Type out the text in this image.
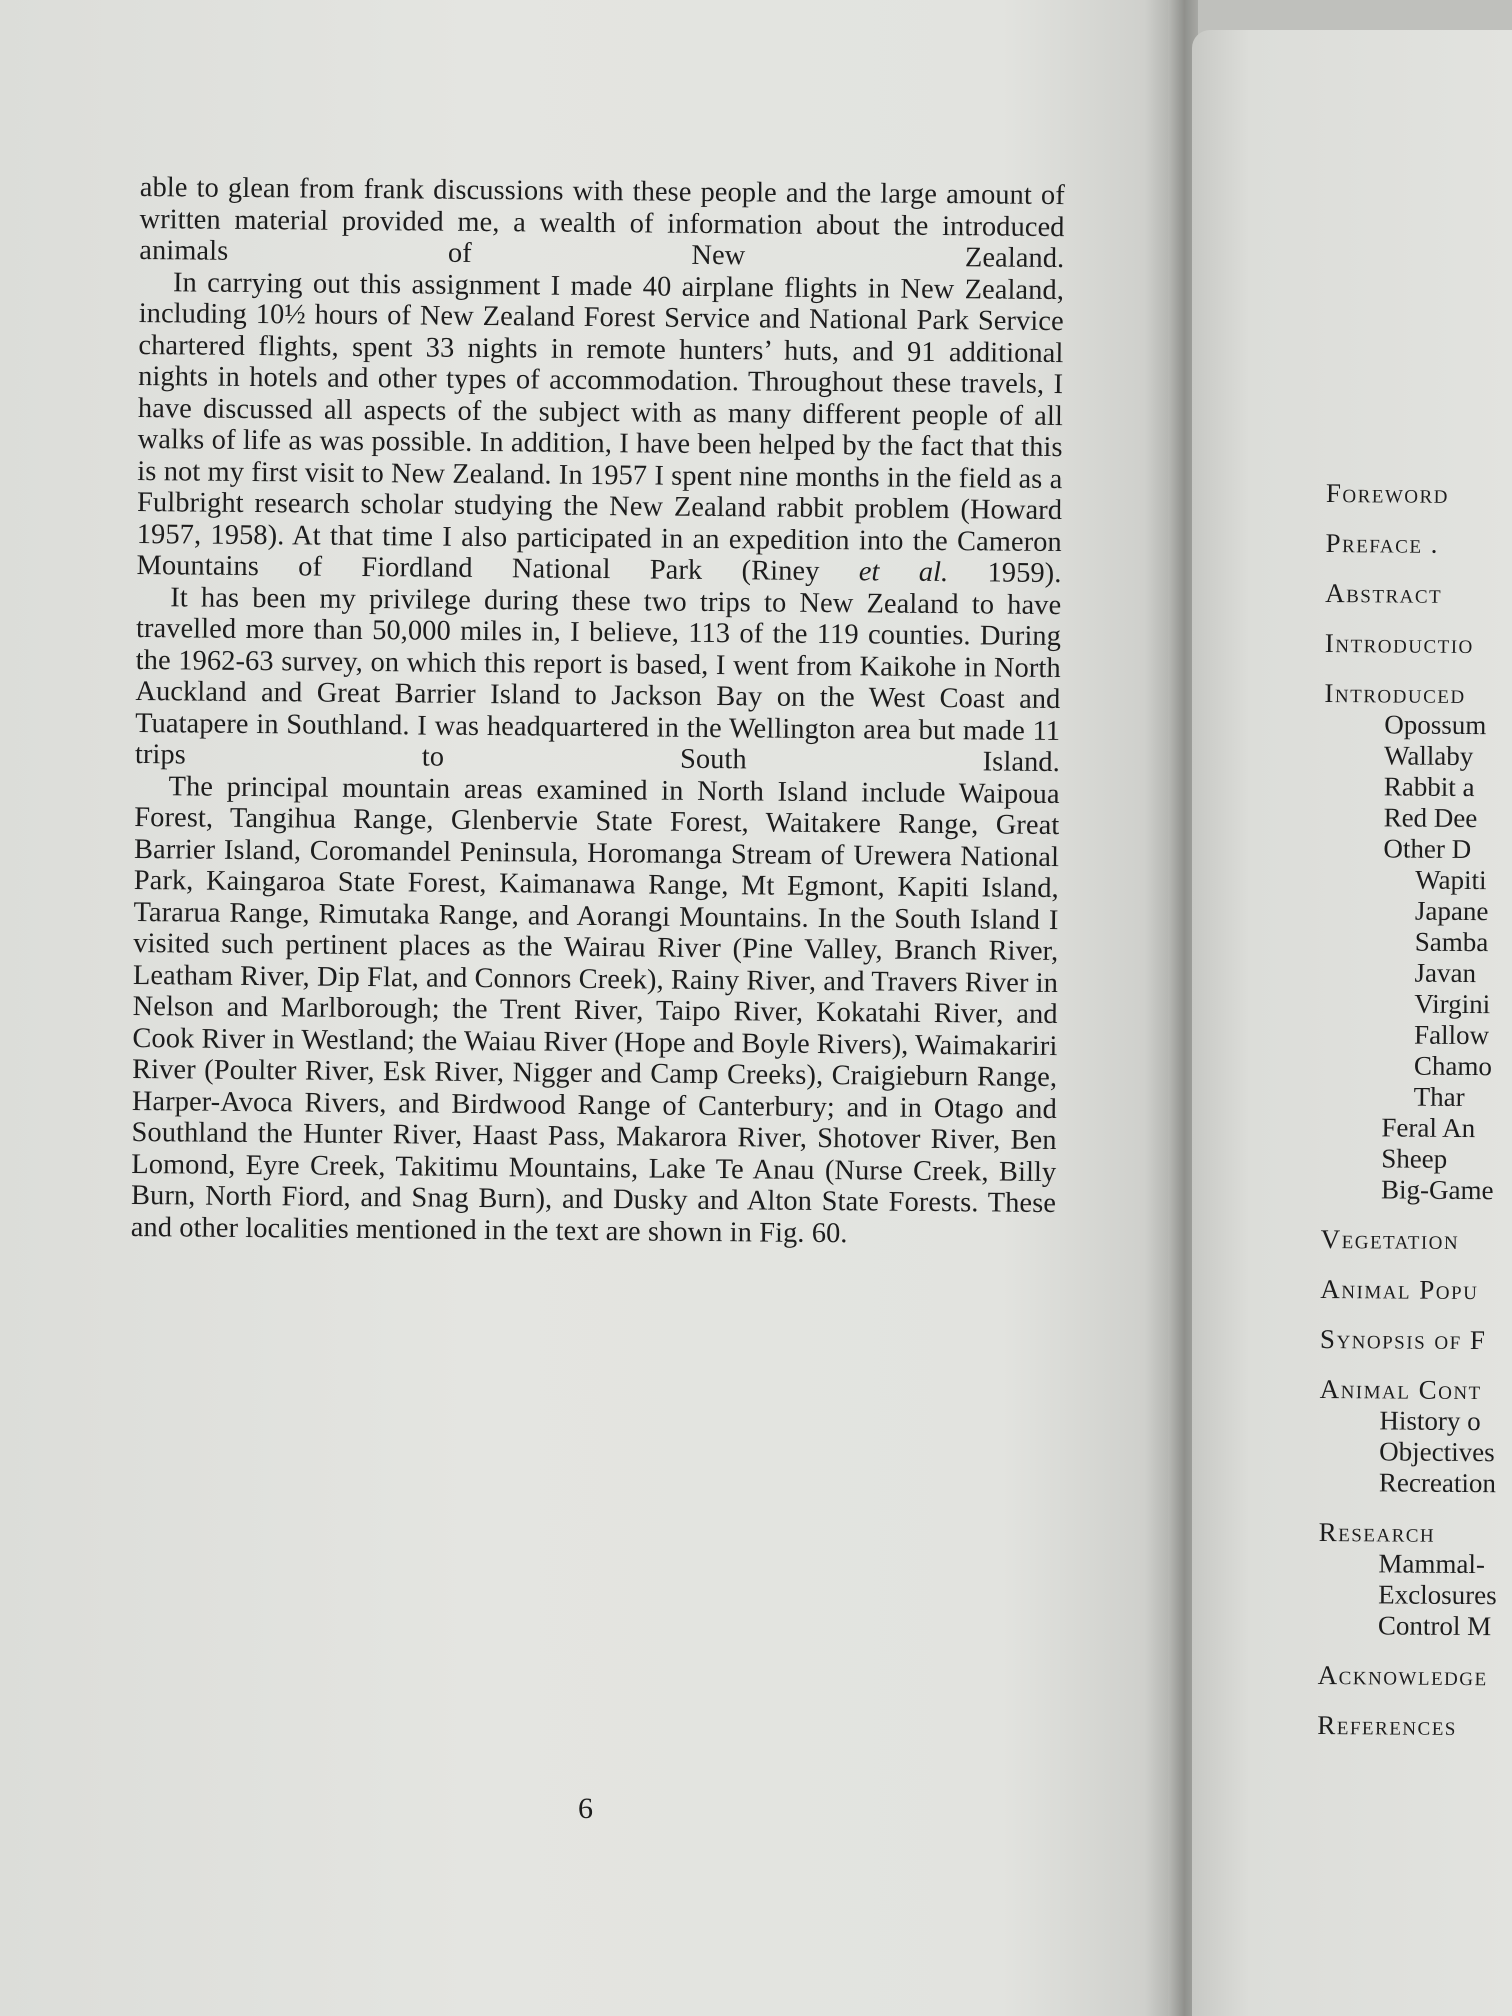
able to glean from frank discussions with these people and the large amount of written material provided me, a wealth of information about the introduced animals of New Zealand.

In carrying out this assignment I made 40 airplane flights in New Zealand, including 10½ hours of New Zealand Forest Service and National Park Service chartered flights, spent 33 nights in remote hunters’ huts, and 91 additional nights in hotels and other types of accommodation. Throughout these travels, I have discussed all aspects of the subject with as many different people of all walks of life as was possible. In addition, I have been helped by the fact that this is not my first visit to New Zealand. In 1957 I spent nine months in the field as a Fulbright research scholar studying the New Zealand rabbit problem (Howard 1957, 1958). At that time I also participated in an expedition into the Cameron Mountains of Fiordland National Park (Riney et al. 1959).

It has been my privilege during these two trips to New Zealand to have travelled more than 50,000 miles in, I believe, 113 of the 119 counties. During the 1962-63 survey, on which this report is based, I went from Kaikohe in North Auckland and Great Barrier Island to Jackson Bay on the West Coast and Tuatapere in Southland. I was headquartered in the Wellington area but made 11 trips to South Island.

The principal mountain areas examined in North Island include Waipoua Forest, Tangihua Range, Glenbervie State Forest, Waitakere Range, Great Barrier Island, Coromandel Peninsula, Horomanga Stream of Urewera National Park, Kaingaroa State Forest, Kaimanawa Range, Mt Egmont, Kapiti Island, Tararua Range, Rimutaka Range, and Aorangi Mountains. In the South Island I visited such pertinent places as the Wairau River (Pine Valley, Branch River, Leatham River, Dip Flat, and Connors Creek), Rainy River, and Travers River in Nelson and Marlborough; the Trent River, Taipo River, Kokatahi River, and Cook River in Westland; the Waiau River (Hope and Boyle Rivers), Waimakariri River (Poulter River, Esk River, Nigger and Camp Creeks), Craigieburn Range, Harper-Avoca Rivers, and Birdwood Range of Canterbury; and in Otago and Southland the Hunter River, Haast Pass, Makarora River, Shotover River, Ben Lomond, Eyre Creek, Takitimu Mountains, Lake Te Anau (Nurse Creek, Billy Burn, North Fiord, and Snag Burn), and Dusky and Alton State Forests. These and other localities mentioned in the text are shown in Fig. 60.

6
Foreword
Preface .
Abstract
Introductio
Introduced
Opossum
Wallaby
Rabbit a
Red Dee
Other D
Wapiti
Japane
Samba
Javan
Virgini
Fallow
Chamo
Thar
Feral An
Sheep
Big-Game
Vegetation
Animal Popu
Synopsis of F
Animal Cont
History o
Objectives
Recreation
Research
Mammal-
Exclosures
Control M
Acknowledge
References
